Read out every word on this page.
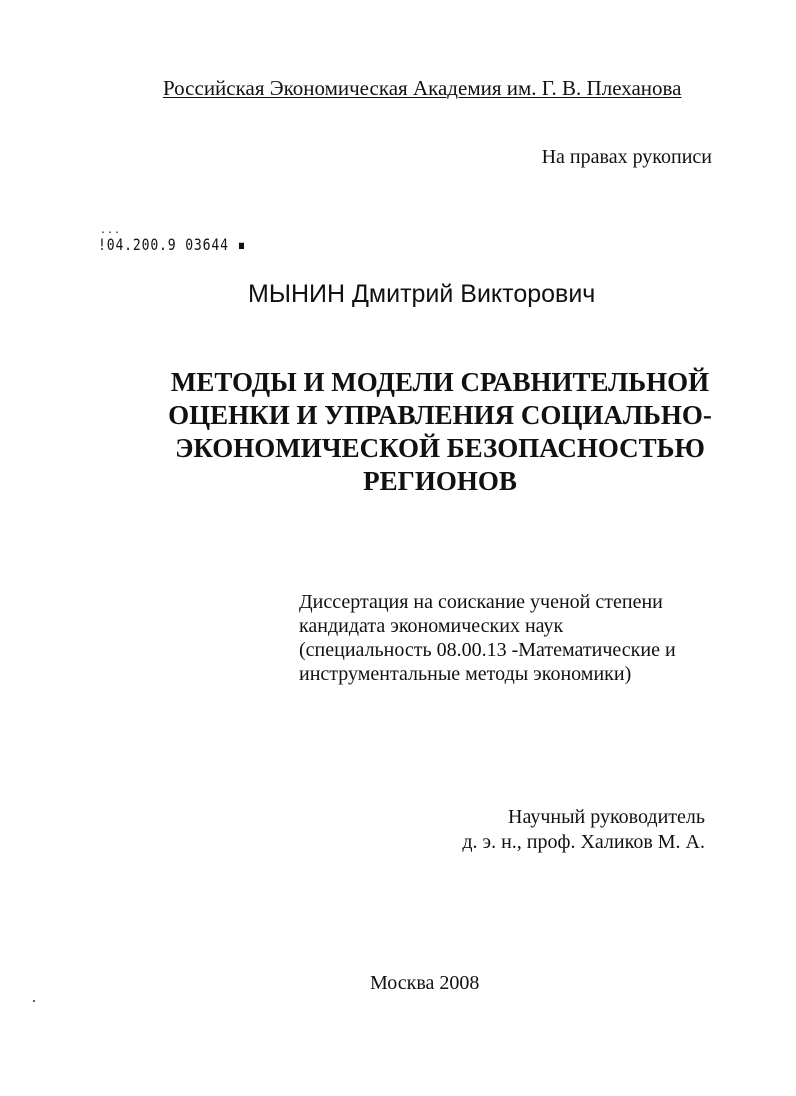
Российская Экономическая Академия им. Г. В. Плеханова
На правах рукописи
...
!04.200.9 03644 ▪
МЫНИН Дмитрий Викторович
МЕТОДЫ И МОДЕЛИ СРАВНИТЕЛЬНОЙ
ОЦЕНКИ И УПРАВЛЕНИЯ СОЦИАЛЬНО-
ЭКОНОМИЧЕСКОЙ БЕЗОПАСНОСТЬЮ
РЕГИОНОВ
Диссертация на соискание ученой степени
кандидата экономических наук
(специальность 08.00.13 -Математические и
инструментальные методы экономики)
Научный руководитель
д. э. н., проф. Халиков М. А.
Москва 2008
